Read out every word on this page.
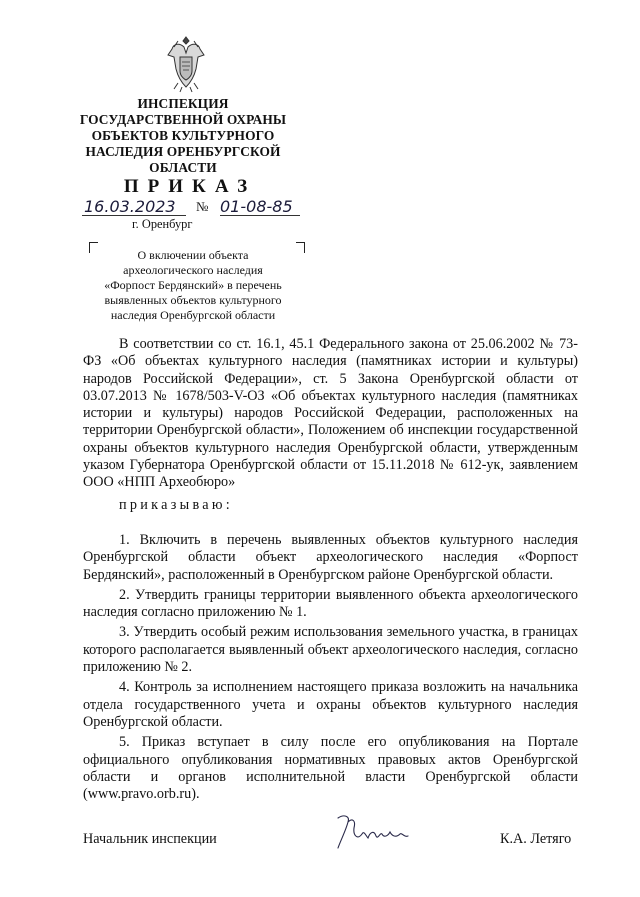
ИНСПЕКЦИЯ
ГОСУДАРСТВЕННОЙ ОХРАНЫ
ОБЪЕКТОВ КУЛЬТУРНОГО
НАСЛЕДИЯ ОРЕНБУРГСКОЙ
ОБЛАСТИ
ПРИКАЗ
16.03.2023 № 01-08-85
г. Оренбург
О включении объекта
археологического наследия
«Форпост Бердянский» в перечень
выявленных объектов культурного
наследия Оренбургской области

В соответствии со ст. 16.1, 45.1 Федерального закона от 25.06.2002 № 73-ФЗ «Об объектах культурного наследия (памятниках истории и культуры) народов Российской Федерации», ст. 5 Закона Оренбургской области от 03.07.2013 № 1678/503-V-ОЗ «Об объектах культурного наследия (памятниках истории и культуры) народов Российской Федерации, расположенных на территории Оренбургской области», Положением об инспекции государственной охраны объектов культурного наследия Оренбургской области, утвержденным указом Губернатора Оренбургской области от 15.11.2018 № 612-ук, заявлением ООО «НПП Археобюро»

приказываю:

1. Включить в перечень выявленных объектов культурного наследия Оренбургской области объект археологического наследия «Форпост Бердянский», расположенный в Оренбургском районе Оренбургской области.

2. Утвердить границы территории выявленного объекта археологического наследия согласно приложению № 1.

3. Утвердить особый режим использования земельного участка, в границах которого располагается выявленный объект археологического наследия, согласно приложению № 2.

4. Контроль за исполнением настоящего приказа возложить на начальника отдела государственного учета и охраны объектов культурного наследия Оренбургской области.

5. Приказ вступает в силу после его опубликования на Портале официального опубликования нормативных правовых актов Оренбургской области и органов исполнительной власти Оренбургской области (www.pravo.orb.ru).

Начальник инспекции	К.А. Летяго
